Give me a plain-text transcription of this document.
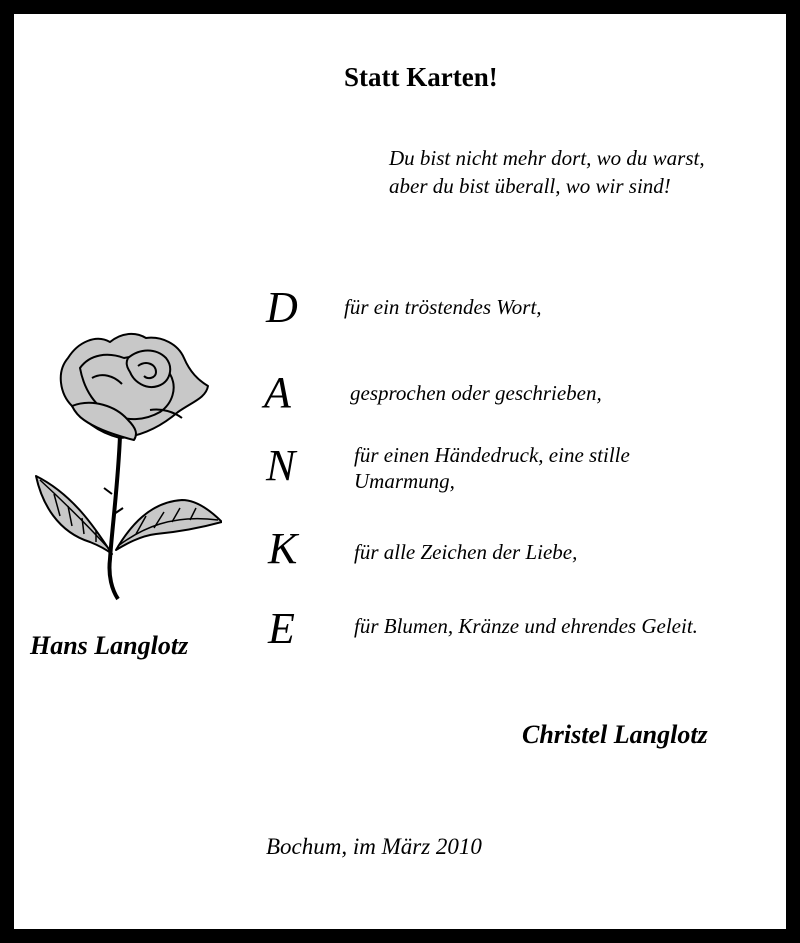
Statt Karten!
Du bist nicht mehr dort, wo du warst,
aber du bist überall, wo wir sind!
D für ein tröstendes Wort,
A	gesprochen oder geschrieben,
N	für einen Händedruck, eine stille
Umarmung,
K	für alle Zeichen der Liebe,
E	für Blumen, Kränze und ehrendes Geleit.
Hans Langlotz
Christel Langlotz
Bochum, im März 2010
